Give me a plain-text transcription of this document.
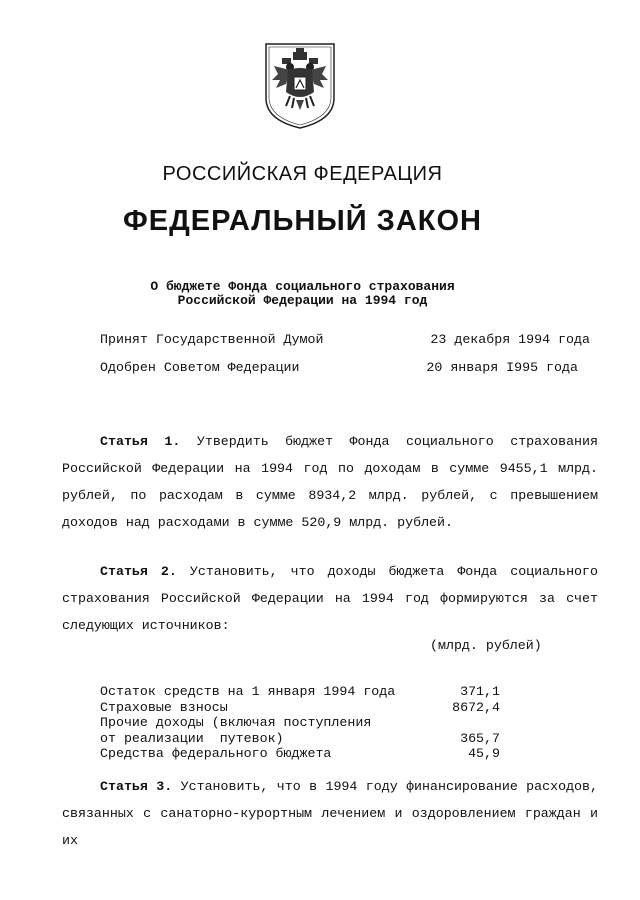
РОССИЙСКАЯ ФЕДЕРАЦИЯ
ФЕДЕРАЛЬНЫЙ ЗАКОН
О бюджете Фонда социального страхования
Российской Федерации на 1994 год
Принят Государственной Думой	23 декабря 1994 года
Одобрен Советом Федерации	20 января I995 года
Статья 1. Утвердить бюджет Фонда социального страхования Российской Федерации на 1994 год по доходам в сумме 9455,1 млрд. рублей, по расходам в сумме 8934,2 млрд. рублей, с превышением доходов над расходами в сумме 520,9 млрд. рублей.
Статья 2. Установить, что доходы бюджета Фонда социального страхования Российской Федерации на 1994 год формируются за счет следующих источников:
(млрд. рублей)
Остаток средств на 1 января 1994 года	371,1
Страховые взносы	8672,4
Прочие доходы (включая поступления
от реализации  путевок)	365,7
Средства федерального бюджета	45,9
Статья 3. Установить, что в 1994 году финансирование расходов, связанных с санаторно-курортным лечением и оздоровлением граждан и их
